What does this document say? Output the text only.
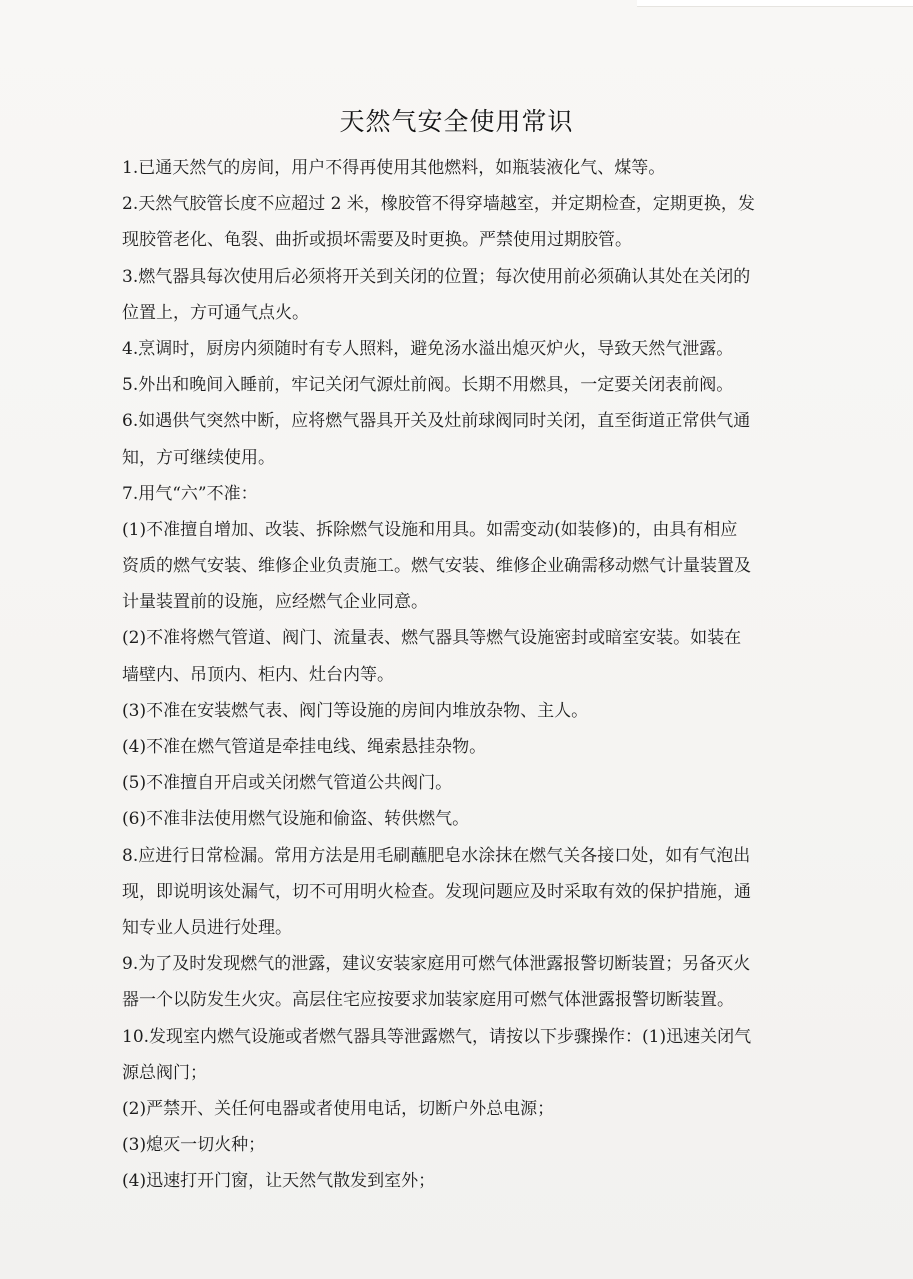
天然气安全使用常识
1.已通天然气的房间，用户不得再使用其他燃料，如瓶装液化气、煤等。
2.天然气胶管长度不应超过 2 米，橡胶管不得穿墙越室，并定期检查，定期更换，发
现胶管老化、龟裂、曲折或损坏需要及时更换。严禁使用过期胶管。
3.燃气器具每次使用后必须将开关到关闭的位置；每次使用前必须确认其处在关闭的
位置上，方可通气点火。
4.烹调时，厨房内须随时有专人照料，避免汤水溢出熄灭炉火，导致天然气泄露。
5.外出和晚间入睡前，牢记关闭气源灶前阀。长期不用燃具，一定要关闭表前阀。
6.如遇供气突然中断，应将燃气器具开关及灶前球阀同时关闭，直至街道正常供气通
知，方可继续使用。
7.用气“六”不准：
(1)不准擅自增加、改装、拆除燃气设施和用具。如需变动(如装修)的，由具有相应
资质的燃气安装、维修企业负责施工。燃气安装、维修企业确需移动燃气计量装置及
计量装置前的设施，应经燃气企业同意。
(2)不准将燃气管道、阀门、流量表、燃气器具等燃气设施密封或暗室安装。如装在
墙壁内、吊顶内、柜内、灶台内等。
(3)不准在安装燃气表、阀门等设施的房间内堆放杂物、主人。
(4)不准在燃气管道是牵挂电线、绳索悬挂杂物。
(5)不准擅自开启或关闭燃气管道公共阀门。
(6)不准非法使用燃气设施和偷盗、转供燃气。
8.应进行日常检漏。常用方法是用毛刷蘸肥皂水涂抹在燃气关各接口处，如有气泡出
现，即说明该处漏气，切不可用明火检查。发现问题应及时采取有效的保护措施，通
知专业人员进行处理。
9.为了及时发现燃气的泄露，建议安装家庭用可燃气体泄露报警切断装置；另备灭火
器一个以防发生火灾。高层住宅应按要求加装家庭用可燃气体泄露报警切断装置。
10.发现室内燃气设施或者燃气器具等泄露燃气，请按以下步骤操作：(1)迅速关闭气
源总阀门；
(2)严禁开、关任何电器或者使用电话，切断户外总电源；
(3)熄灭一切火种；
(4)迅速打开门窗，让天然气散发到室外；
